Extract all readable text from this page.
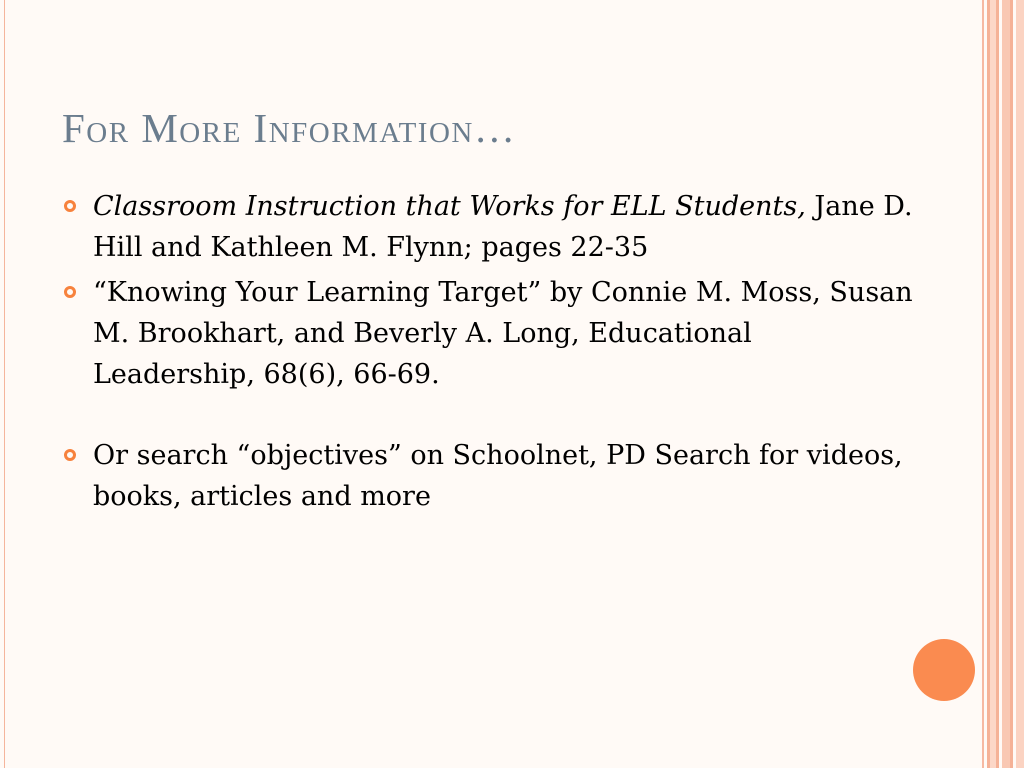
For More Information…
Classroom Instruction that Works for ELL Students, Jane D. Hill and Kathleen M. Flynn; pages 22-35
“Knowing Your Learning Target” by Connie M. Moss, Susan M. Brookhart, and Beverly A. Long, Educational Leadership, 68(6), 66-69.
Or search “objectives” on Schoolnet, PD Search for videos, books, articles and more
